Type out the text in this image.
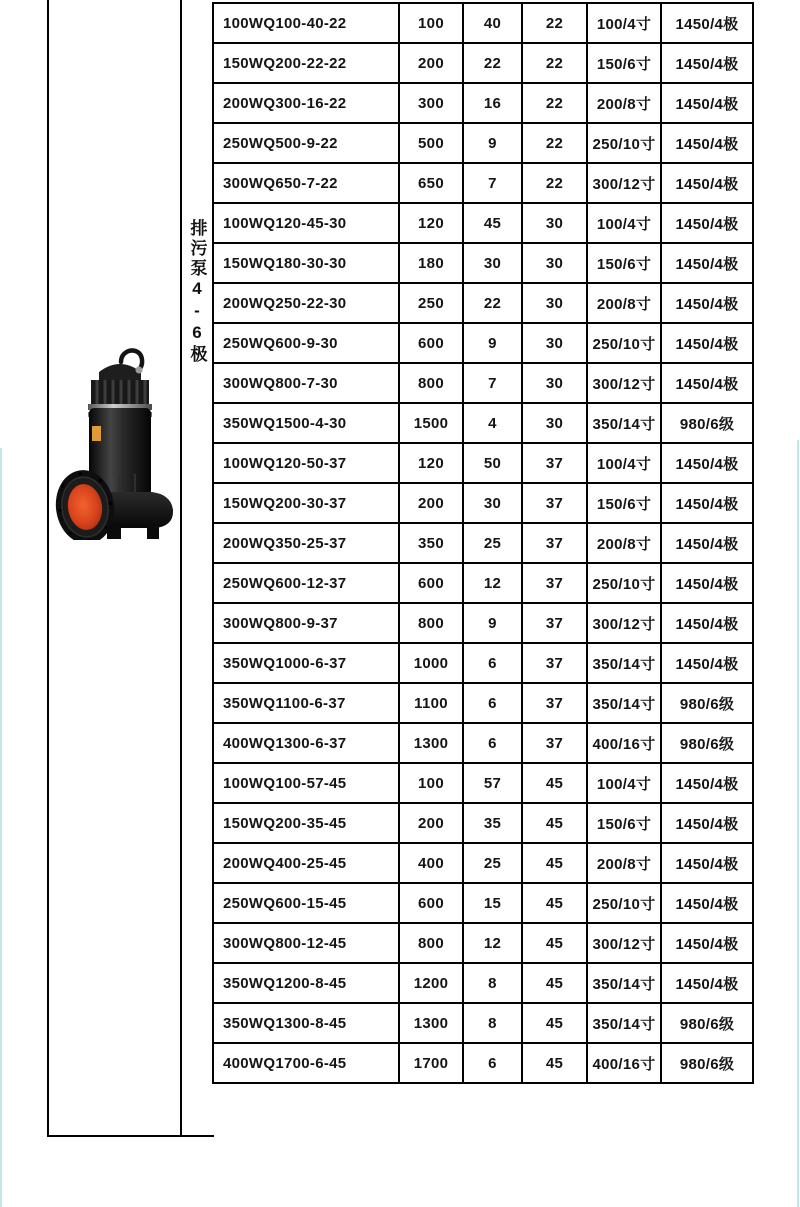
排污泵4-6极
100WQ100-40-22	100	40	22	100/4寸	1450/4极
150WQ200-22-22	200	22	22	150/6寸	1450/4极
200WQ300-16-22	300	16	22	200/8寸	1450/4极
250WQ500-9-22	500	9	22	250/10寸	1450/4极
300WQ650-7-22	650	7	22	300/12寸	1450/4极
100WQ120-45-30	120	45	30	100/4寸	1450/4极
150WQ180-30-30	180	30	30	150/6寸	1450/4极
200WQ250-22-30	250	22	30	200/8寸	1450/4极
250WQ600-9-30	600	9	30	250/10寸	1450/4极
300WQ800-7-30	800	7	30	300/12寸	1450/4极
350WQ1500-4-30	1500	4	30	350/14寸	980/6级
100WQ120-50-37	120	50	37	100/4寸	1450/4极
150WQ200-30-37	200	30	37	150/6寸	1450/4极
200WQ350-25-37	350	25	37	200/8寸	1450/4极
250WQ600-12-37	600	12	37	250/10寸	1450/4极
300WQ800-9-37	800	9	37	300/12寸	1450/4极
350WQ1000-6-37	1000	6	37	350/14寸	1450/4极
350WQ1100-6-37	1100	6	37	350/14寸	980/6级
400WQ1300-6-37	1300	6	37	400/16寸	980/6级
100WQ100-57-45	100	57	45	100/4寸	1450/4极
150WQ200-35-45	200	35	45	150/6寸	1450/4极
200WQ400-25-45	400	25	45	200/8寸	1450/4极
250WQ600-15-45	600	15	45	250/10寸	1450/4极
300WQ800-12-45	800	12	45	300/12寸	1450/4极
350WQ1200-8-45	1200	8	45	350/14寸	1450/4极
350WQ1300-8-45	1300	8	45	350/14寸	980/6级
400WQ1700-6-45	1700	6	45	400/16寸	980/6级
